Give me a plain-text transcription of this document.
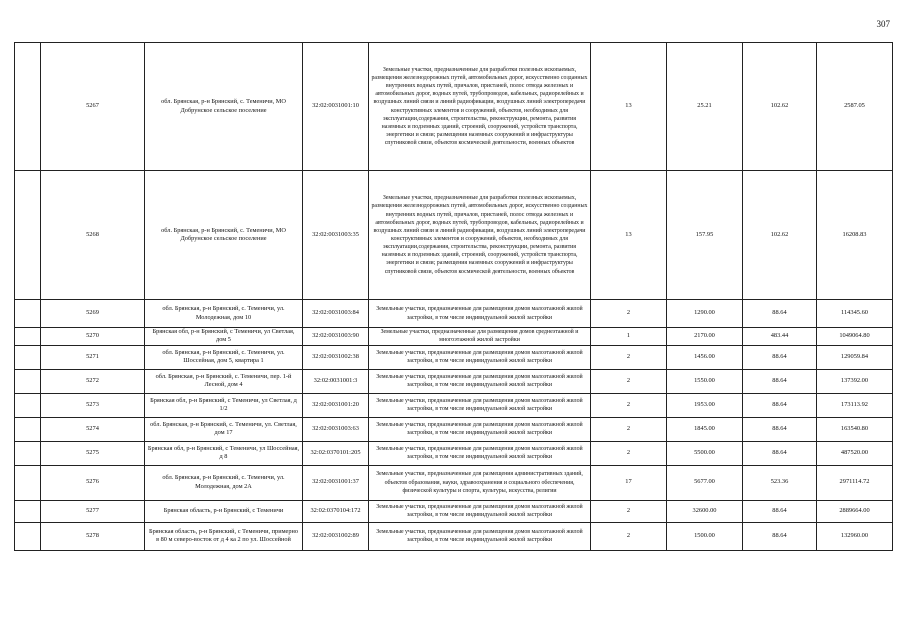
307
	5267	обл. Брянская, р-н Брянский, с. Теменичи, МО Добрунское сельское поселение	32:02:0031001:10	Земельные участки, предназначенные для разработки полезных ископаемых, размещения железнодорожных путей, автомобильных дорог, искусственно созданных внутренних водных путей, причалов, пристаней, полос отвода железных и автомобильных дорог, водных путей, трубопроводов, кабельных, радиорелейных и воздушных линий связи и линий радиофикации, воздушных линий электропередачи конструктивных элементов и сооружений, объектов, необходимых для эксплуатации,содержания, строительства, реконструкции, ремонта, развития наземных и подземных зданий, строений, сооружений, устройств транспорта, энергетики и связи; размещения наземных сооружений и инфраструктуры спутниковой связи, объектов космической деятельности, военных объектов	13	25.21	102.62	2587.05
	5268	обл. Брянская, р-н Брянский, с. Теменичи, МО Добрунское сельское поселение	32:02:0031003:35	Земельные участки, предназначенные для разработки полезных ископаемых, размещения железнодорожных путей, автомобильных дорог, искусственно созданных внутренних водных путей, причалов, пристаней, полос отвода железных и автомобильных дорог, водных путей, трубопроводов, кабельных, радиорелейных и воздушных линий связи и линий радиофикации, воздушных линий электропередачи конструктивных элементов и сооружений, объектов, необходимых для эксплуатации,содержания, строительства, реконструкции, ремонта, развития наземных и подземных зданий, строений, сооружений, устройств транспорта, энергетики и связи; размещения наземных сооружений и инфраструктуры спутниковой связи, объектов космической деятельности, военных объектов	13	157.95	102.62	16208.83
	5269	обл. Брянская, р-н Брянский, с. Теменичи, ул. Молодежная, дом 10	32:02:0031003:84	Земельные участки, предназначенные для размещения домов малоэтажной жилой застройки, в том числе индивидуальной жилой застройки	2	1290.00	88.64	114345.60
	5270	Брянская обл, р-н Брянский, с Теменичи, ул Светлая, дом 5	32:02:0031003:90	Земельные участки, предназначенные для размещения домов среднеэтажной и многоэтажной жилой застройки	1	2170.00	483.44	1049064.80
	5271	обл. Брянская, р-н Брянский, с. Теменичи, ул. Шоссейная, дом 5, квартира 1	32:02:0031002:38	Земельные участки, предназначенные для размещения домов малоэтажной жилой застройки, в том числе индивидуальной жилой застройки	2	1456.00	88.64	129059.84
	5272	обл. Брянская, р-н Брянский, с. Теменичи, пер. 1-й Лесной, дом 4	32:02:0031001:3	Земельные участки, предназначенные для размещения домов малоэтажной жилой застройки, в том числе индивидуальной жилой застройки	2	1550.00	88.64	137392.00
	5273	Брянская обл, р-н Брянский, с Теменичи, ул Светлая, д 1/2	32:02:0031001:20	Земельные участки, предназначенные для размещения домов малоэтажной жилой застройки, в том числе индивидуальной жилой застройки	2	1953.00	88.64	173113.92
	5274	обл. Брянская, р-н Брянский, с. Теменичи, ул. Светлая, дом 17	32:02:0031003:63	Земельные участки, предназначенные для размещения домов малоэтажной жилой застройки, в том числе индивидуальной жилой застройки	2	1845.00	88.64	163540.80
	5275	Брянская обл, р-н Брянский, с Теменичи, ул Шоссейная, д 8	32:02:0370101:205	Земельные участки, предназначенные для размещения домов малоэтажной жилой застройки, в том числе индивидуальной жилой застройки	2	5500.00	88.64	487520.00
	5276	обл. Брянская, р-н Брянский, с. Теменичи, ул. Молодежная, дом 2А	32:02:0031001:37	Земельные участки, предназначенные для размещения административных зданий, объектов образования, науки, здравоохранения и социального обеспечения, физической культуры и спорта, культуры, искусства, религии	17	5677.00	523.36	2971114.72
	5277	Брянская область, р-н Брянский, с Теменичи	32:02:0370104:172	Земельные участки, предназначенные для размещения домов малоэтажной жилой застройки, в том числе индивидуальной жилой застройки	2	32600.00	88.64	2889664.00
	5278	Брянская область, р-н Брянский, с Теменичи, примерно в 80 м северо-восток от д 4 ка 2 по ул. Шоссейной	32:02:0031002:89	Земельные участки, предназначенные для размещения домов малоэтажной жилой застройки, в том числе индивидуальной жилой застройки	2	1500.00	88.64	132960.00
